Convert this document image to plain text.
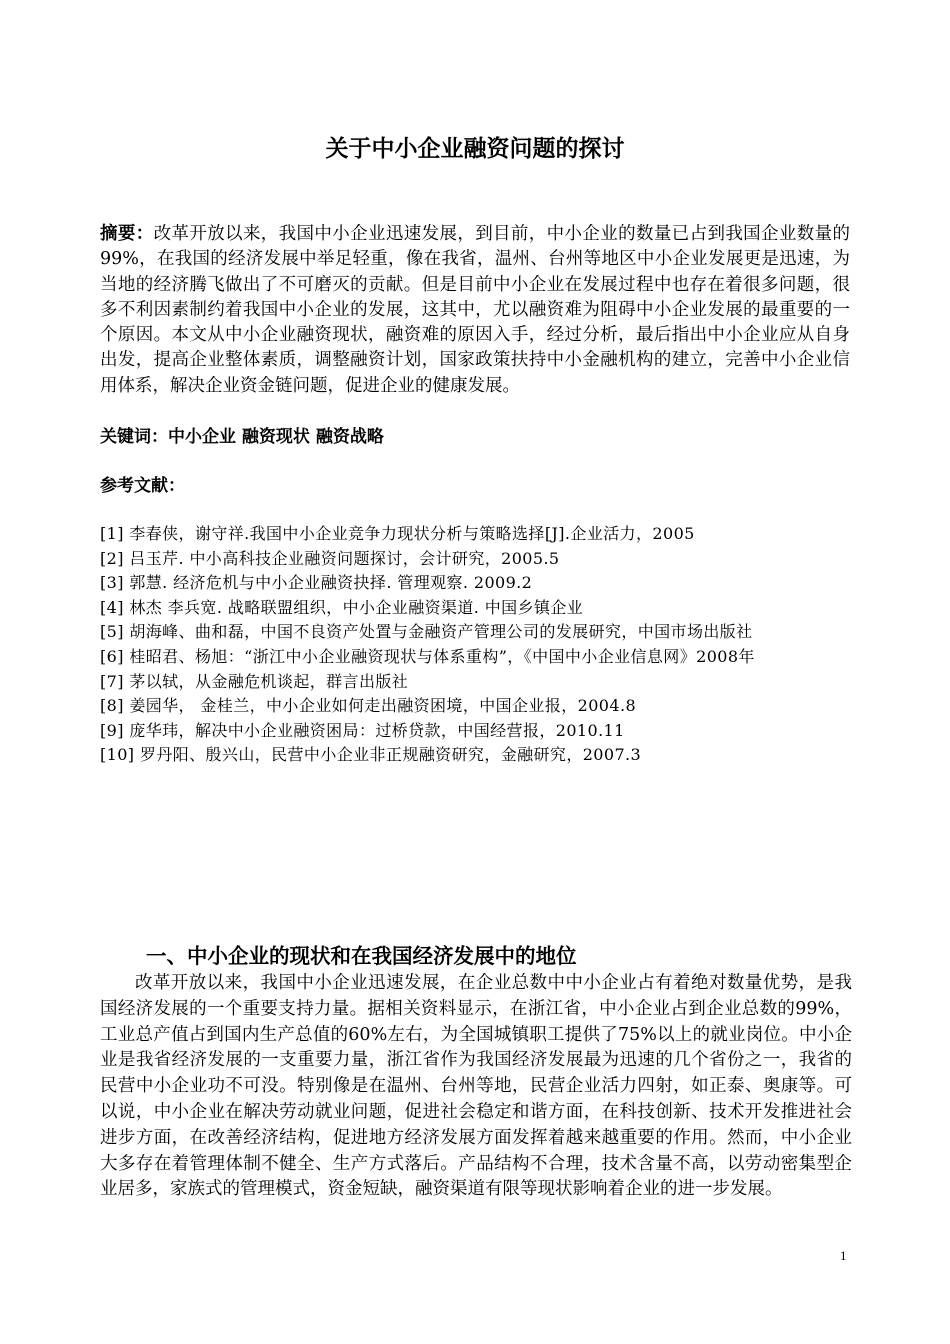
关于中小企业融资问题的探讨

摘要：改革开放以来，我国中小企业迅速发展，到目前，中小企业的数量已占到我国企业数量的99%，在我国的经济发展中举足轻重，像在我省，温州、台州等地区中小企业发展更是迅速，为当地的经济腾飞做出了不可磨灭的贡献。但是目前中小企业在发展过程中也存在着很多问题，很多不利因素制约着我国中小企业的发展，这其中，尤以融资难为阻碍中小企业发展的最重要的一个原因。本文从中小企业融资现状，融资难的原因入手，经过分析，最后指出中小企业应从自身出发，提高企业整体素质，调整融资计划，国家政策扶持中小金融机构的建立，完善中小企业信用体系，解决企业资金链问题，促进企业的健康发展。

关键词：中小企业 融资现状 融资战略

参考文献：

[1] 李春侠，谢守祥.我国中小企业竞争力现状分析与策略选择[J].企业活力，2005
[2] 吕玉芹. 中小高科技企业融资问题探讨，会计研究，2005.5
[3] 郭慧. 经济危机与中小企业融资抉择. 管理观察. 2009.2
[4] 林杰 李兵宽. 战略联盟组织，中小企业融资渠道. 中国乡镇企业
[5] 胡海峰、曲和磊，中国不良资产处置与金融资产管理公司的发展研究，中国市场出版社
[6] 桂昭君、杨旭：“浙江中小企业融资现状与体系重构”，《中国中小企业信息网》2008年
[7] 茅以轼，从金融危机谈起，群言出版社
[8] 姜园华， 金桂兰，中小企业如何走出融资困境，中国企业报，2004.8
[9] 庞华玮，解决中小企业融资困局：过桥贷款，中国经营报，2010.11
[10] 罗丹阳、殷兴山，民营中小企业非正规融资研究，金融研究，2007.3
一、中小企业的现状和在我国经济发展中的地位

改革开放以来，我国中小企业迅速发展，在企业总数中中小企业占有着绝对数量优势，是我国经济发展的一个重要支持力量。据相关资料显示，在浙江省，中小企业占到企业总数的99%，工业总产值占到国内生产总值的60%左右，为全国城镇职工提供了75%以上的就业岗位。中小企业是我省经济发展的一支重要力量，浙江省作为我国经济发展最为迅速的几个省份之一，我省的民营中小企业功不可没。特别像是在温州、台州等地，民营企业活力四射，如正泰、奥康等。可以说，中小企业在解决劳动就业问题，促进社会稳定和谐方面，在科技创新、技术开发推进社会进步方面，在改善经济结构，促进地方经济发展方面发挥着越来越重要的作用。然而，中小企业大多存在着管理体制不健全、生产方式落后。产品结构不合理，技术含量不高，以劳动密集型企业居多，家族式的管理模式，资金短缺，融资渠道有限等现状影响着企业的进一步发展。

1
